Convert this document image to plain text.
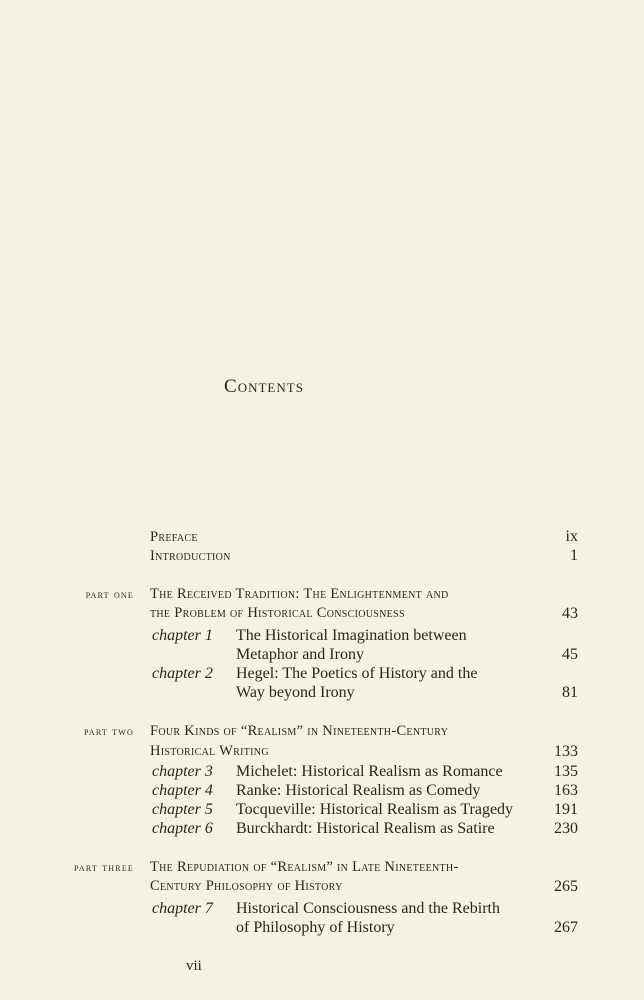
Contents
Preface	ix
Introduction	1
part one The Received Tradition: The Enlightenment and
the Problem of Historical Consciousness	43
chapter 1 The Historical Imagination between
Metaphor and Irony	45
chapter 2 Hegel: The Poetics of History and the
Way beyond Irony	81
part two Four Kinds of “Realism” in Nineteenth-Century
Historical Writing	133
chapter 3 Michelet: Historical Realism as Romance	135
chapter 4 Ranke: Historical Realism as Comedy	163
chapter 5 Tocqueville: Historical Realism as Tragedy	191
chapter 6 Burckhardt: Historical Realism as Satire	230
part three The Repudiation of “Realism” in Late Nineteenth-
Century Philosophy of History	265
chapter 7 Historical Consciousness and the Rebirth
of Philosophy of History	267
vii
